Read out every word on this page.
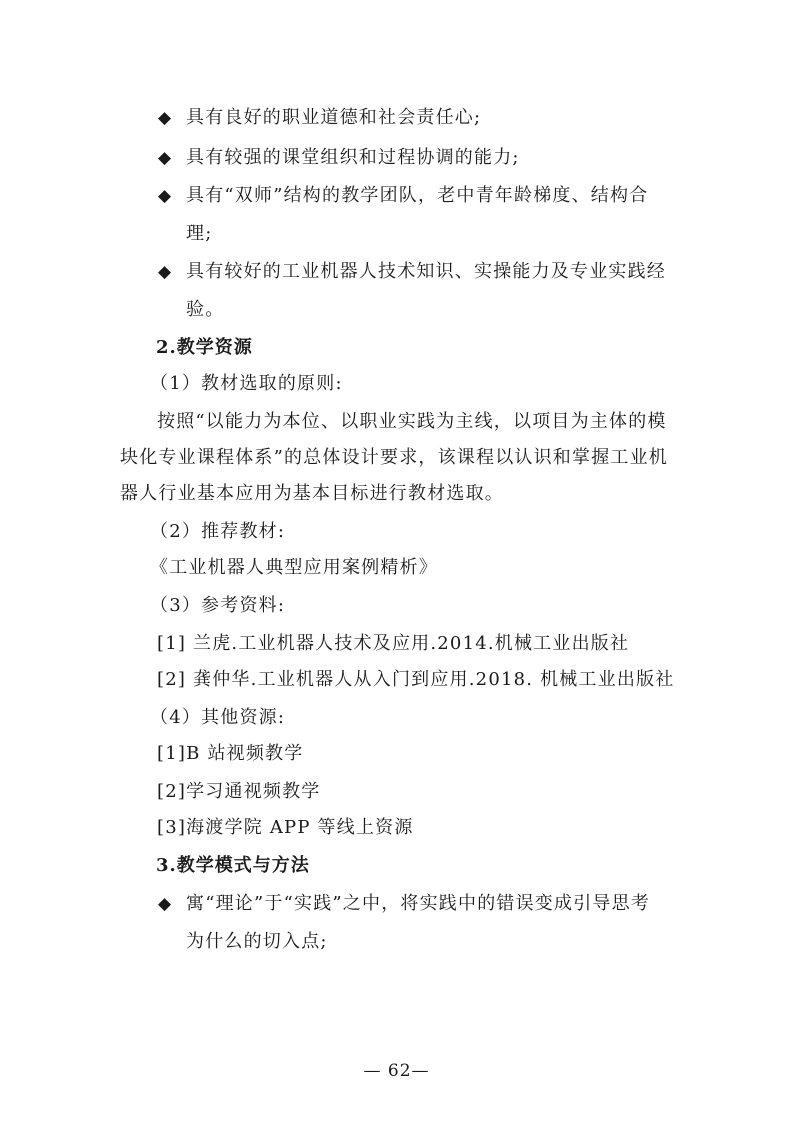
◆ 具有良好的职业道德和社会责任心;
◆ 具有较强的课堂组织和过程协调的能力;
◆ 具有“双师”结构的教学团队，老中青年龄梯度、结构合
理;
◆ 具有较好的工业机器人技术知识、实操能力及专业实践经
验。
2.教学资源
（1）教材选取的原则:
按照“以能力为本位、以职业实践为主线，以项目为主体的模
块化专业课程体系”的总体设计要求，该课程以认识和掌握工业机
器人行业基本应用为基本目标进行教材选取。
（2）推荐教材:
《工业机器人典型应用案例精析》
（3）参考资料:
[1] 兰虎.工业机器人技术及应用.2014.机械工业出版社
[2] 龚仲华.工业机器人从入门到应用.2018. 机械工业出版社
（4）其他资源:
[1]B 站视频教学
[2]学习通视频教学
[3]海渡学院 APP 等线上资源
3.教学模式与方法
◆ 寓“理论”于“实践”之中，将实践中的错误变成引导思考
为什么的切入点;
— 62—
